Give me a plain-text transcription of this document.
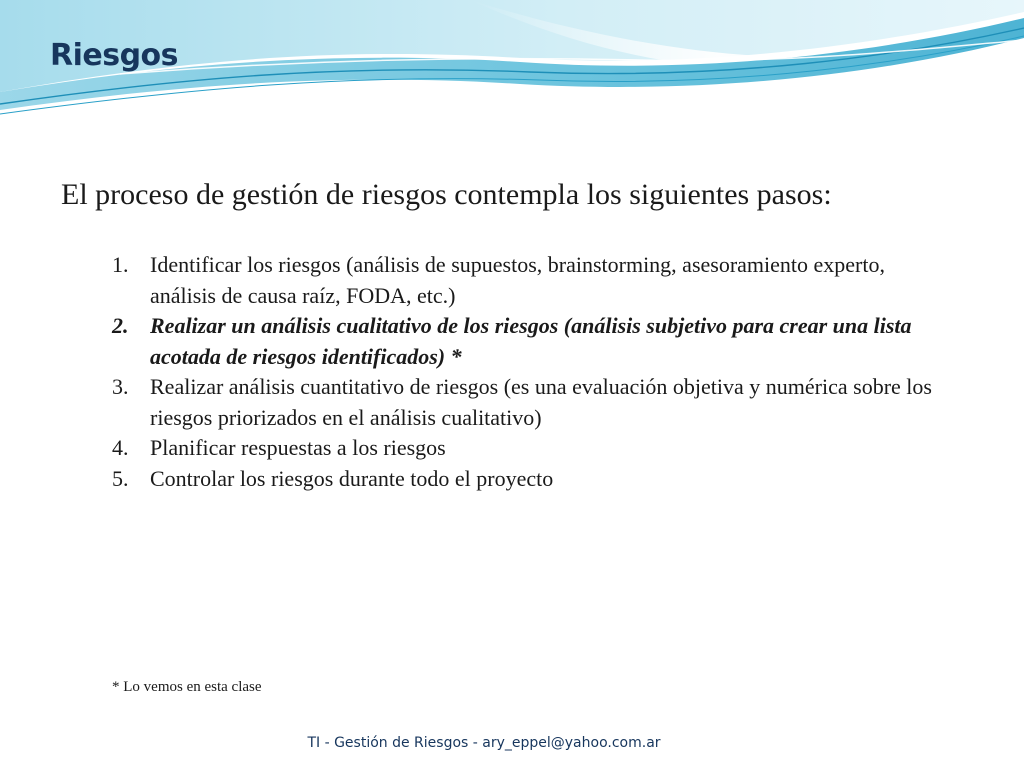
Riesgos

El proceso de gestión de riesgos contempla los siguientes pasos:

1. Identificar los riesgos (análisis de supuestos, brainstorming, asesoramiento experto, análisis de causa raíz, FODA, etc.)
2. Realizar un análisis cualitativo de los riesgos (análisis subjetivo para crear una lista acotada de riesgos identificados) *
3. Realizar análisis cuantitativo de riesgos (es una evaluación objetiva y numérica sobre los riesgos priorizados en el análisis cualitativo)
4. Planificar respuestas a los riesgos
5. Controlar los riesgos durante todo el proyecto
* Lo vemos en esta clase
TI - Gestión de Riesgos - ary_eppel@yahoo.com.ar
